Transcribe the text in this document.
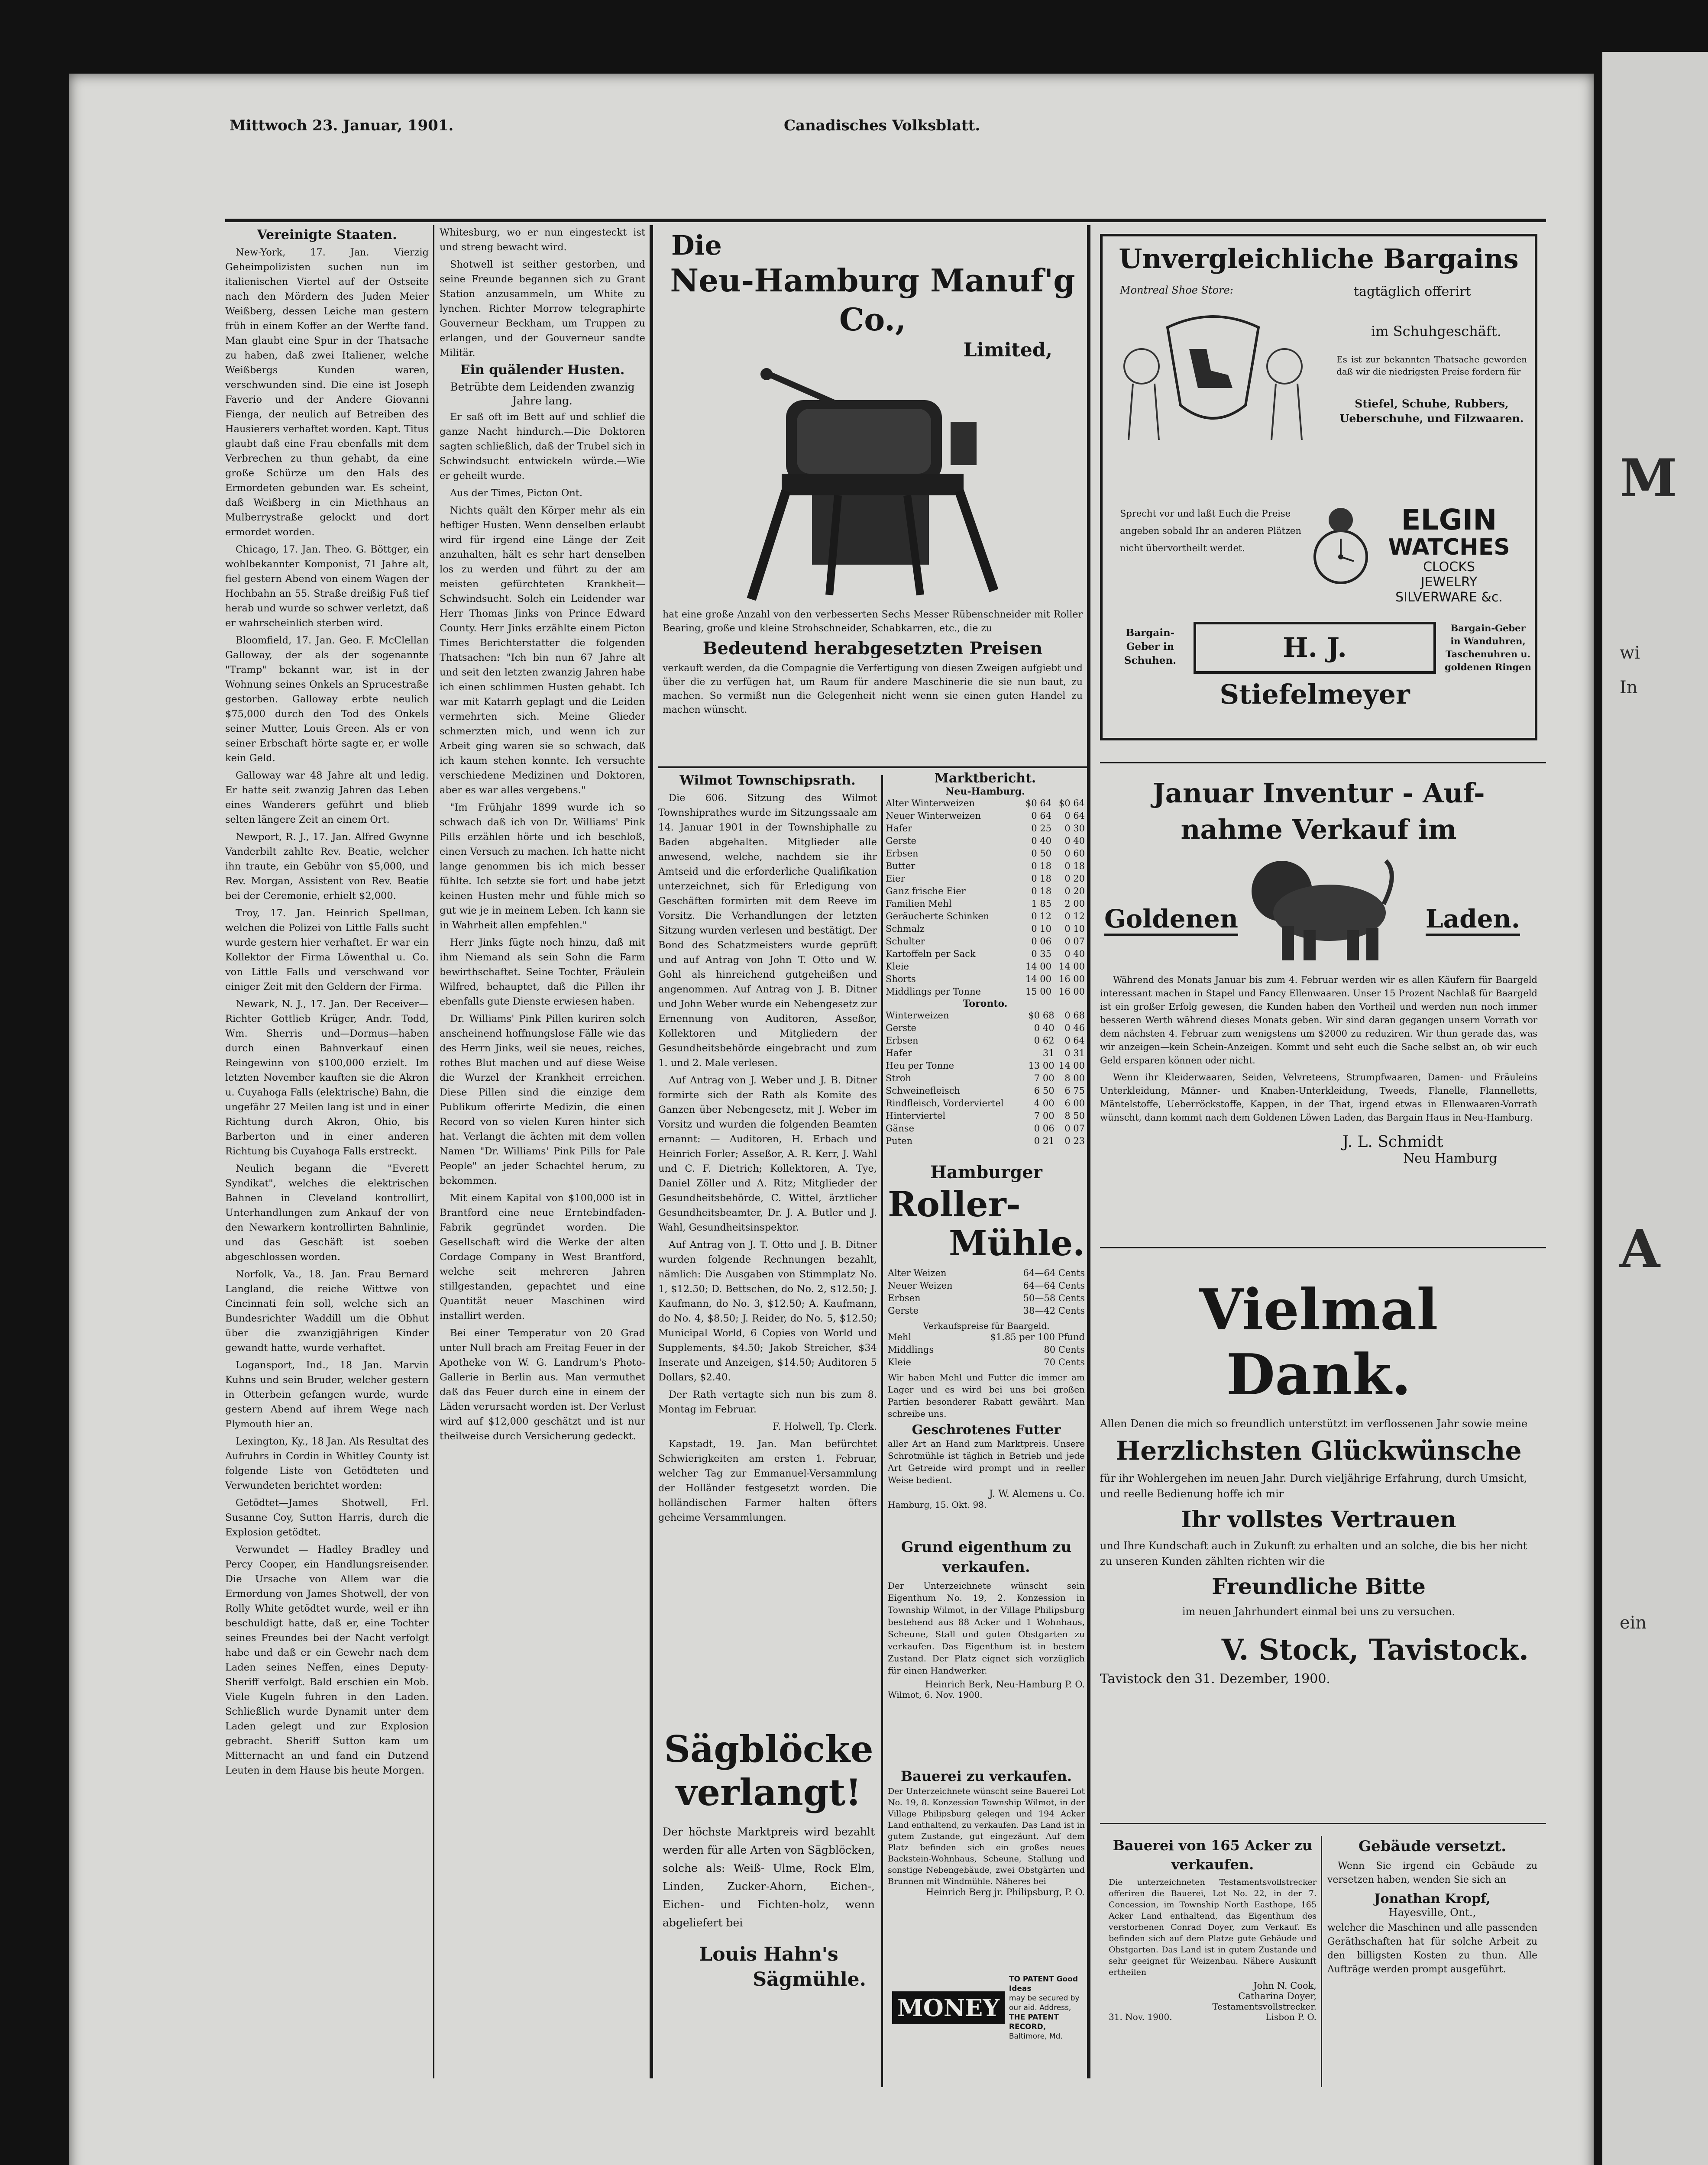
M
wi
In
A
ein
Mittwoch 23. Januar, 1901.	Canadisches Volksblatt.
Vereinigte Staaten.

New-York, 17. Jan. Vierzig Geheimpolizisten suchen nun im italienischen Viertel auf der Ostseite nach den Mördern des Juden Meier Weißberg, dessen Leiche man gestern früh in einem Koffer an der Werfte fand. Man glaubt eine Spur in der Thatsache zu haben, daß zwei Italiener, welche Weißbergs Kunden waren, verschwunden sind. Die eine ist Joseph Faverio und der Andere Giovanni Fienga, der neulich auf Betreiben des Hausierers verhaftet worden. Kapt. Titus glaubt daß eine Frau ebenfalls mit dem Verbrechen zu thun gehabt, da eine große Schürze um den Hals des Ermordeten gebunden war. Es scheint, daß Weißberg in ein Miethhaus an Mulberrystraße gelockt und dort ermordet worden.

Chicago, 17. Jan. Theo. G. Böttger, ein wohlbekannter Komponist, 71 Jahre alt, fiel gestern Abend von einem Wagen der Hochbahn an 55. Straße dreißig Fuß tief herab und wurde so schwer verletzt, daß er wahrscheinlich sterben wird.

Bloomfield, 17. Jan. Geo. F. McClellan Galloway, der als der sogenannte "Tramp" bekannt war, ist in der Wohnung seines Onkels an Sprucestraße gestorben. Galloway erbte neulich $75,000 durch den Tod des Onkels seiner Mutter, Louis Green. Als er von seiner Erbschaft hörte sagte er, er wolle kein Geld.

Galloway war 48 Jahre alt und ledig. Er hatte seit zwanzig Jahren das Leben eines Wanderers geführt und blieb selten längere Zeit an einem Ort.

Newport, R. J., 17. Jan. Alfred Gwynne Vanderbilt zahlte Rev. Beatie, welcher ihn traute, ein Gebühr von $5,000, und Rev. Morgan, Assistent von Rev. Beatie bei der Ceremonie, erhielt $2,000.

Troy, 17. Jan. Heinrich Spellman, welchen die Polizei von Little Falls sucht wurde gestern hier verhaftet. Er war ein Kollektor der Firma Löwenthal u. Co. von Little Falls und verschwand vor einiger Zeit mit den Geldern der Firma.

Newark, N. J., 17. Jan. Der Receiver—Richter Gottlieb Krüger, Andr. Todd, Wm. Sherris und—Dormus—haben durch einen Bahnverkauf einen Reingewinn von $100,000 erzielt. Im letzten November kauften sie die Akron u. Cuyahoga Falls (elektrische) Bahn, die ungefähr 27 Meilen lang ist und in einer Richtung durch Akron, Ohio, bis Barberton und in einer anderen Richtung bis Cuyahoga Falls erstreckt.

Neulich begann die "Everett Syndikat", welches die elektrischen Bahnen in Cleveland kontrollirt, Unterhandlungen zum Ankauf der von den Newarkern kontrollirten Bahnlinie, und das Geschäft ist soeben abgeschlossen worden.

Norfolk, Va., 18. Jan. Frau Bernard Langland, die reiche Wittwe von Cincinnati fein soll, welche sich an Bundesrichter Waddill um die Obhut über die zwanzigjährigen Kinder gewandt hatte, wurde verhaftet.

Logansport, Ind., 18 Jan. Marvin Kuhns und sein Bruder, welcher gestern in Otterbein gefangen wurde, wurde gestern Abend auf ihrem Wege nach Plymouth hier an.

Lexington, Ky., 18 Jan. Als Resultat des Aufruhrs in Cordin in Whitley County ist folgende Liste von Getödteten und Verwundeten berichtet worden:

Getödtet—James Shotwell, Frl. Susanne Coy, Sutton Harris, durch die Explosion getödtet.

Verwundet — Hadley Bradley und Percy Cooper, ein Handlungsreisender. Die Ursache von Allem war die Ermordung von James Shotwell, der von Rolly White getödtet wurde, weil er ihn beschuldigt hatte, daß er, eine Tochter seines Freundes bei der Nacht verfolgt habe und daß er ein Gewehr nach dem Laden seines Neffen, eines Deputy-Sheriff verfolgt. Bald erschien ein Mob. Viele Kugeln fuhren in den Laden. Schließlich wurde Dynamit unter dem Laden gelegt und zur Explosion gebracht. Sheriff Sutton kam um Mitternacht an und fand ein Dutzend Leuten in dem Hause bis heute Morgen.

Whitesburg, wo er nun eingesteckt ist und streng bewacht wird.

Shotwell ist seither gestorben, und seine Freunde begannen sich zu Grant Station anzusammeln, um White zu lynchen. Richter Morrow telegraphirte Gouverneur Beckham, um Truppen zu erlangen, und der Gouverneur sandte Militär.

Ein quälender Husten.
Betrübte dem Leidenden zwanzig Jahre lang.

Er saß oft im Bett auf und schlief die ganze Nacht hindurch.—Die Doktoren sagten schließlich, daß der Trubel sich in Schwindsucht entwickeln würde.—Wie er geheilt wurde.

Aus der Times, Picton Ont.

Nichts quält den Körper mehr als ein heftiger Husten. Wenn denselben erlaubt wird für irgend eine Länge der Zeit anzuhalten, hält es sehr hart denselben los zu werden und führt zu der am meisten gefürchteten Krankheit—Schwindsucht. Solch ein Leidender war Herr Thomas Jinks von Prince Edward County. Herr Jinks erzählte einem Picton Times Berichterstatter die folgenden Thatsachen: "Ich bin nun 67 Jahre alt und seit den letzten zwanzig Jahren habe ich einen schlimmen Husten gehabt. Ich war mit Katarrh geplagt und die Leiden vermehrten sich. Meine Glieder schmerzten mich, und wenn ich zur Arbeit ging waren sie so schwach, daß ich kaum stehen konnte. Ich versuchte verschiedene Medizinen und Doktoren, aber es war alles vergebens."

"Im Frühjahr 1899 wurde ich so schwach daß ich von Dr. Williams' Pink Pills erzählen hörte und ich beschloß, einen Versuch zu machen. Ich hatte nicht lange genommen bis ich mich besser fühlte. Ich setzte sie fort und habe jetzt keinen Husten mehr und fühle mich so gut wie je in meinem Leben. Ich kann sie in Wahrheit allen empfehlen."

Herr Jinks fügte noch hinzu, daß mit ihm Niemand als sein Sohn die Farm bewirthschaftet. Seine Tochter, Fräulein Wilfred, behauptet, daß die Pillen ihr ebenfalls gute Dienste erwiesen haben.

Dr. Williams' Pink Pillen kuriren solch anscheinend hoffnungslose Fälle wie das des Herrn Jinks, weil sie neues, reiches, rothes Blut machen und auf diese Weise die Wurzel der Krankheit erreichen. Diese Pillen sind die einzige dem Publikum offerirte Medizin, die einen Record von so vielen Kuren hinter sich hat. Verlangt die ächten mit dem vollen Namen "Dr. Williams' Pink Pills for Pale People" an jeder Schachtel herum, zu bekommen.

Mit einem Kapital von $100,000 ist in Brantford eine neue Erntebindfaden-Fabrik gegründet worden. Die Gesellschaft wird die Werke der alten Cordage Company in West Brantford, welche seit mehreren Jahren stillgestanden, gepachtet und eine Quantität neuer Maschinen wird installirt werden.

Bei einer Temperatur von 20 Grad unter Null brach am Freitag Feuer in der Apotheke von W. G. Landrum's Photo-Gallerie in Berlin aus. Man vermuthet daß das Feuer durch eine in einem der Läden verursacht worden ist. Der Verlust wird auf $12,000 geschätzt und ist nur theilweise durch Versicherung gedeckt.

Die
Neu-Hamburg Manuf'g Co.,
Limited,
hat eine große Anzahl von den verbesserten Sechs Messer Rübenschneider mit Roller Bearing, große und kleine Strohschneider, Schabkarren, etc., die zu
Bedeutend herabgesetzten Preisen
verkauft werden, da die Compagnie die Verfertigung von diesen Zweigen aufgiebt und über die zu verfügen hat, um Raum für andere Maschinerie die sie nun baut, zu machen. So vermißt nun die Gelegenheit nicht wenn sie einen guten Handel zu machen wünscht.
Wilmot Townschipsrath.

Die 606. Sitzung des Wilmot Townshiprathes wurde im Sitzungssaale am 14. Januar 1901 in der Townshiphalle zu Baden abgehalten. Mitglieder alle anwesend, welche, nachdem sie ihr Amtseid und die erforderliche Qualifikation unterzeichnet, sich für Erledigung von Geschäften formirten mit dem Reeve im Vorsitz. Die Verhandlungen der letzten Sitzung wurden verlesen und bestätigt. Der Bond des Schatzmeisters wurde geprüft und auf Antrag von John T. Otto und W. Gohl als hinreichend gutgeheißen und angenommen. Auf Antrag von J. B. Ditner und John Weber wurde ein Nebengesetz zur Ernennung von Auditoren, Asseßor, Kollektoren und Mitgliedern der Gesundheitsbehörde eingebracht und zum 1. und 2. Male verlesen.

Auf Antrag von J. Weber und J. B. Ditner formirte sich der Rath als Komite des Ganzen über Nebengesetz, mit J. Weber im Vorsitz und wurden die folgenden Beamten ernannt: — Auditoren, H. Erbach und Heinrich Forler; Asseßor, A. R. Kerr, J. Wahl und C. F. Dietrich; Kollektoren, A. Tye, Daniel Zöller und A. Ritz; Mitglieder der Gesundheitsbehörde, C. Wittel, ärztlicher Gesundheitsbeamter, Dr. J. A. Butler und J. Wahl, Gesundheitsinspektor.

Auf Antrag von J. T. Otto und J. B. Ditner wurden folgende Rechnungen bezahlt, nämlich: Die Ausgaben von Stimmplatz No. 1, $12.50; D. Bettschen, do No. 2, $12.50; J. Kaufmann, do No. 3, $12.50; A. Kaufmann, do No. 4, $8.50; J. Reider, do No. 5, $12.50; Municipal World, 6 Copies von World und Supplements, $4.50; Jakob Streicher, $34 Inserate und Anzeigen, $14.50; Auditoren 5 Dollars, $2.40.

Der Rath vertagte sich nun bis zum 8. Montag im Februar.

F. Holwell, Tp. Clerk.

Kapstadt, 19. Jan. Man befürchtet Schwierigkeiten am ersten 1. Februar, welcher Tag zur Emmanuel-Versammlung der Holländer festgesetzt worden. Die holländischen Farmer halten öfters geheime Versammlungen.

Sägblöcke verlangt!
Der höchste Marktpreis wird bezahlt werden für alle Arten von Sägblöcken, solche als: Weiß- Ulme, Rock Elm, Linden, Zucker-Ahorn, Eichen-, Eichen- und Fichten-holz, wenn abgeliefert bei
Louis Hahn's
Sägmühle.
Marktbericht.
Neu-Hamburg.
Alter Winterweizen	$0 64	$0 64
Neuer Winterweizen	0 64	0 64
Hafer	0 25	0 30
Gerste	0 40	0 40
Erbsen	0 50	0 60
Butter	0 18	0 18
Eier	0 18	0 20
Ganz frische Eier	0 18	0 20
Familien Mehl	1 85	2 00
Geräucherte Schinken	0 12	0 12
Schmalz	0 10	0 10
Schulter	0 06	0 07
Kartoffeln per Sack	0 35	0 40
Kleie	14 00	14 00
Shorts	14 00	16 00
Middlings per Tonne	15 00	16 00
Toronto.
Winterweizen	$0 68	0 68
Gerste	0 40	0 46
Erbsen	0 62	0 64
Hafer	31	0 31
Heu per Tonne	13 00	14 00
Stroh	7 00	8 00
Schweinefleisch	6 50	6 75
Rindfleisch, Vorderviertel	4 00	6 00
Hinterviertel	7 00	8 50
Gänse	0 06	0 07
Puten	0 21	0 23
Hamburger
Roller-
Mühle.
Alter Weizen	64—64 Cents
Neuer Weizen	64—64 Cents
Erbsen	50—58 Cents
Gerste	38—42 Cents
Verkaufspreise für Baargeld.
Mehl	$1.85 per 100 Pfund
Middlings	80 Cents
Kleie	70 Cents
Wir haben Mehl und Futter die immer am Lager und es wird bei uns bei großen Partien besonderer Rabatt gewährt. Man schreibe uns.
Geschrotenes Futter
aller Art an Hand zum Marktpreis. Unsere Schrotmühle ist täglich in Betrieb und jede Art Getreide wird prompt und in reeller Weise bedient.
J. W. Alemens u. Co.
Hamburg, 15. Okt. 98.
Grund eigenthum zu verkaufen.
Der Unterzeichnete wünscht sein Eigenthum No. 19, 2. Konzession in Township Wilmot, in der Village Philipsburg bestehend aus 88 Acker und 1 Wohnhaus, Scheune, Stall und guten Obstgarten zu verkaufen. Das Eigenthum ist in bestem Zustand. Der Platz eignet sich vorzüglich für einen Handwerker.
Heinrich Berk, Neu-Hamburg P. O.
Wilmot, 6. Nov. 1900.
Bauerei zu verkaufen.
Der Unterzeichnete wünscht seine Bauerei Lot No. 19, 8. Konzession Township Wilmot, in der Village Philipsburg gelegen und 194 Acker Land enthaltend, zu verkaufen. Das Land ist in gutem Zustande, gut eingezäunt. Auf dem Platz befinden sich ein großes neues Backstein-Wohnhaus, Scheune, Stallung und sonstige Nebengebäude, zwei Obstgärten und Brunnen mit Windmühle. Näheres bei
Heinrich Berg jr. Philipsburg, P. O.
MONEY
TO PATENT Good Ideas
may be secured by our aid. Address,
THE PATENT RECORD,
Baltimore, Md.
Unvergleichliche Bargains
Montreal Shoe Store:	tagtäglich offerirt
im Schuhgeschäft.
Es ist zur bekannten Thatsache geworden daß wir die niedrigsten Preise fordern für
Stiefel, Schuhe, Rubbers, Ueberschuhe, und Filzwaaren.
Sprecht vor und laßt Euch die Preise angeben sobald Ihr an anderen Plätzen nicht übervortheilt werdet.
ELGIN
WATCHES
CLOCKS
JEWELRY
SILVERWARE &c.
Bargain-Geber in Schuhen.	H. J. Stiefelmeyer
Bargain-Geber in Wanduhren, Taschenuhren u. goldenen Ringen
Januar Inventur - Auf-
nahme Verkauf im
Goldenen	Laden.
Während des Monats Januar bis zum 4. Februar werden wir es allen Käufern für Baargeld interessant machen in Stapel und Fancy Ellenwaaren. Unser 15 Prozent Nachlaß für Baargeld ist ein großer Erfolg gewesen, die Kunden haben den Vortheil und werden nun noch immer besseren Werth während dieses Monats geben. Wir sind daran gegangen unsern Vorrath vor dem nächsten 4. Februar zum wenigstens um $2000 zu reduziren. Wir thun gerade das, was wir anzeigen—kein Schein-Anzeigen. Kommt und seht euch die Sache selbst an, ob wir euch Geld ersparen können oder nicht.
Wenn ihr Kleiderwaaren, Seiden, Velvreteens, Strumpfwaaren, Damen- und Fräuleins Unterkleidung, Männer- und Knaben-Unterkleidung, Tweeds, Flanelle, Flannelletts, Mäntelstoffe, Ueberröckstoffe, Kappen, in der That, irgend etwas in Ellenwaaren-Vorrath wünscht, dann kommt nach dem Goldenen Löwen Laden, das Bargain Haus in Neu-Hamburg.
J. L. Schmidt
Neu Hamburg
Vielmal Dank.
Allen Denen die mich so freundlich unterstützt im verflossenen Jahr sowie meine
Herzlichsten Glückwünsche
für ihr Wohlergehen im neuen Jahr. Durch vieljährige Erfahrung, durch Umsicht, und reelle Bedienung hoffe ich mir
Ihr vollstes Vertrauen
und Ihre Kundschaft auch in Zukunft zu erhalten und an solche, die bis her nicht zu unseren Kunden zählten richten wir die
Freundliche Bitte
im neuen Jahrhundert einmal bei uns zu versuchen.
V. Stock, Tavistock.
Tavistock den 31. Dezember, 1900.
Bauerei von 165 Acker zu verkaufen.
Die unterzeichneten Testamentsvollstrecker offeriren die Bauerei, Lot No. 22, in der 7. Concession, im Township North Easthope, 165 Acker Land enthaltend, das Eigenthum des verstorbenen Conrad Doyer, zum Verkauf. Es befinden sich auf dem Platze gute Gebäude und Obstgarten. Das Land ist in gutem Zustande und sehr geeignet für Weizenbau. Nähere Auskunft ertheilen
John N. Cook,
Catharina Doyer,
Testamentsvollstrecker.
31. Nov. 1900.	Lisbon P. O.
Gebäude versetzt.
Wenn Sie irgend ein Gebäude zu versetzen haben, wenden Sie sich an
Jonathan Kropf,
Hayesville, Ont.,
welcher die Maschinen und alle passenden Geräthschaften hat für solche Arbeit zu den billigsten Kosten zu thun. Alle Aufträge werden prompt ausgeführt.
